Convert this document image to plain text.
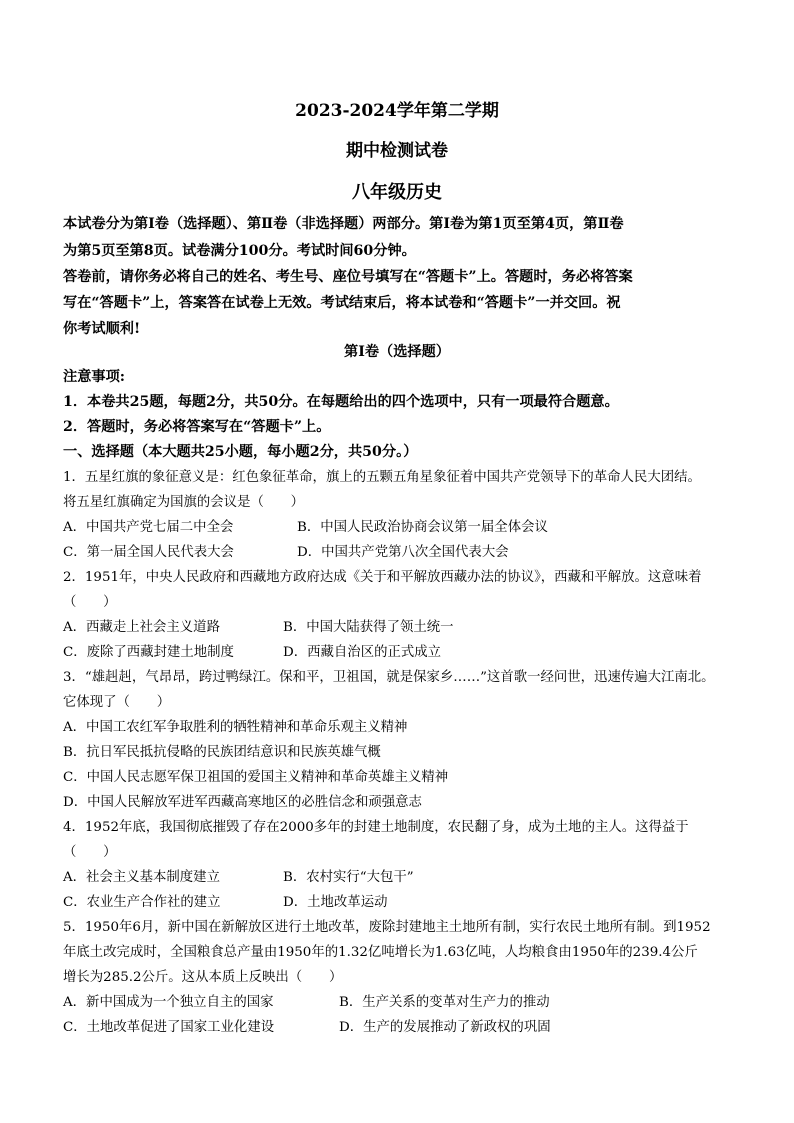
2023-2024学年第二学期
期中检测试卷
八年级历史
本试卷分为第Ⅰ卷（选择题）、第Ⅱ卷（非选择题）两部分。第Ⅰ卷为第1页至第4页，第Ⅱ卷
为第5页至第8页。试卷满分100分。考试时间60分钟。
答卷前，请你务必将自己的姓名、考生号、座位号填写在“答题卡”上。答题时，务必将答案
写在“答题卡”上，答案答在试卷上无效。考试结束后，将本试卷和“答题卡”一并交回。祝
你考试顺利!
第Ⅰ卷（选择题）
注意事项:
1．本卷共25题，每题2分，共50分。在每题给出的四个选项中，只有一项最符合题意。
2．答题时，务必将答案写在“答题卡”上。
一、选择题（本大题共25小题，每小题2分，共50分。）
1．五星红旗的象征意义是：红色象征革命，旗上的五颗五角星象征着中国共产党领导下的革命人民大团结。
将五星红旗确定为国旗的会议是（　　）
A．中国共产党七届二中全会	B．中国人民政治协商会议第一届全体会议
C．第一届全国人民代表大会	D．中国共产党第八次全国代表大会
2．1951年，中央人民政府和西藏地方政府达成《关于和平解放西藏办法的协议》，西藏和平解放。这意味着
（　　）
A．西藏走上社会主义道路	B．中国大陆获得了领土统一
C．废除了西藏封建土地制度	D．西藏自治区的正式成立
3．“雄赳赳，气昂昂，跨过鸭绿江。保和平，卫祖国，就是保家乡……”这首歌一经问世，迅速传遍大江南北。
它体现了（　　）
A．中国工农红军争取胜利的牺牲精神和革命乐观主义精神
B．抗日军民抵抗侵略的民族团结意识和民族英雄气概
C．中国人民志愿军保卫祖国的爱国主义精神和革命英雄主义精神
D．中国人民解放军进军西藏高寒地区的必胜信念和顽强意志
4．1952年底，我国彻底摧毁了存在2000多年的封建土地制度，农民翻了身，成为土地的主人。这得益于
（　　）
A．社会主义基本制度建立	B．农村实行“大包干”
C．农业生产合作社的建立	D．土地改革运动
5．1950年6月，新中国在新解放区进行土地改革，废除封建地主土地所有制，实行农民土地所有制。到1952
年底土改完成时，全国粮食总产量由1950年的1.32亿吨增长为1.63亿吨，人均粮食由1950年的239.4公斤
增长为285.2公斤。这从本质上反映出（　　）
A．新中国成为一个独立自主的国家	B．生产关系的变革对生产力的推动
C．土地改革促进了国家工业化建设	D．生产的发展推动了新政权的巩固
